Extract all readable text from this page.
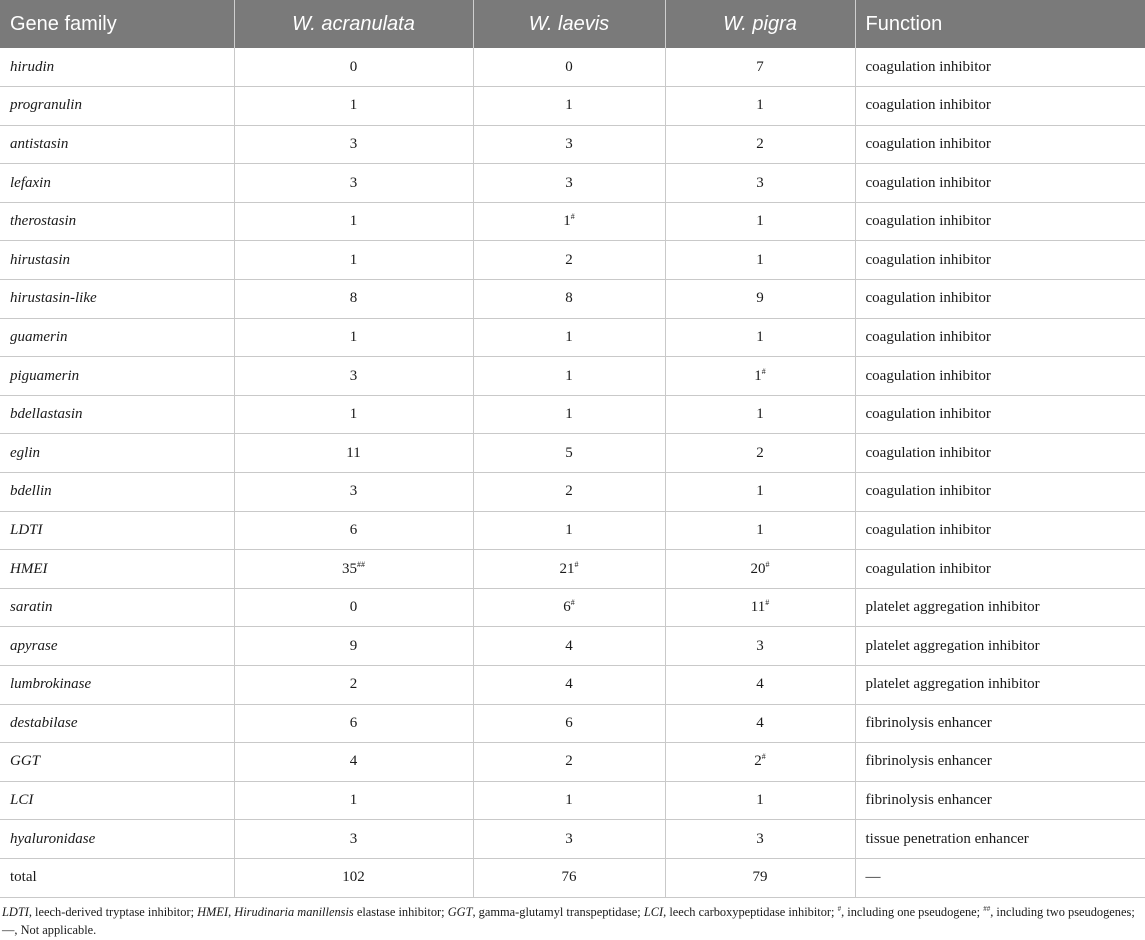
Gene family	W. acranulata	W. laevis	W. pigra	Function
hirudin	0	0	7	coagulation inhibitor
progranulin	1	1	1	coagulation inhibitor
antistasin	3	3	2	coagulation inhibitor
lefaxin	3	3	3	coagulation inhibitor
therostasin	1	1#	1	coagulation inhibitor
hirustasin	1	2	1	coagulation inhibitor
hirustasin-like	8	8	9	coagulation inhibitor
guamerin	1	1	1	coagulation inhibitor
piguamerin	3	1	1#	coagulation inhibitor
bdellastasin	1	1	1	coagulation inhibitor
eglin	11	5	2	coagulation inhibitor
bdellin	3	2	1	coagulation inhibitor
LDTI	6	1	1	coagulation inhibitor
HMEI	35##	21#	20#	coagulation inhibitor
saratin	0	6#	11#	platelet aggregation inhibitor
apyrase	9	4	3	platelet aggregation inhibitor
lumbrokinase	2	4	4	platelet aggregation inhibitor
destabilase	6	6	4	fibrinolysis enhancer
GGT	4	2	2#	fibrinolysis enhancer
LCI	1	1	1	fibrinolysis enhancer
hyaluronidase	3	3	3	tissue penetration enhancer
total	102	76	79	—
LDTI, leech-derived tryptase inhibitor; HMEI, Hirudinaria manillensis elastase inhibitor; GGT, gamma-glutamyl transpeptidase; LCI, leech carboxypeptidase inhibitor; #, including one pseudogene; ##, including two pseudogenes; —, Not applicable.
